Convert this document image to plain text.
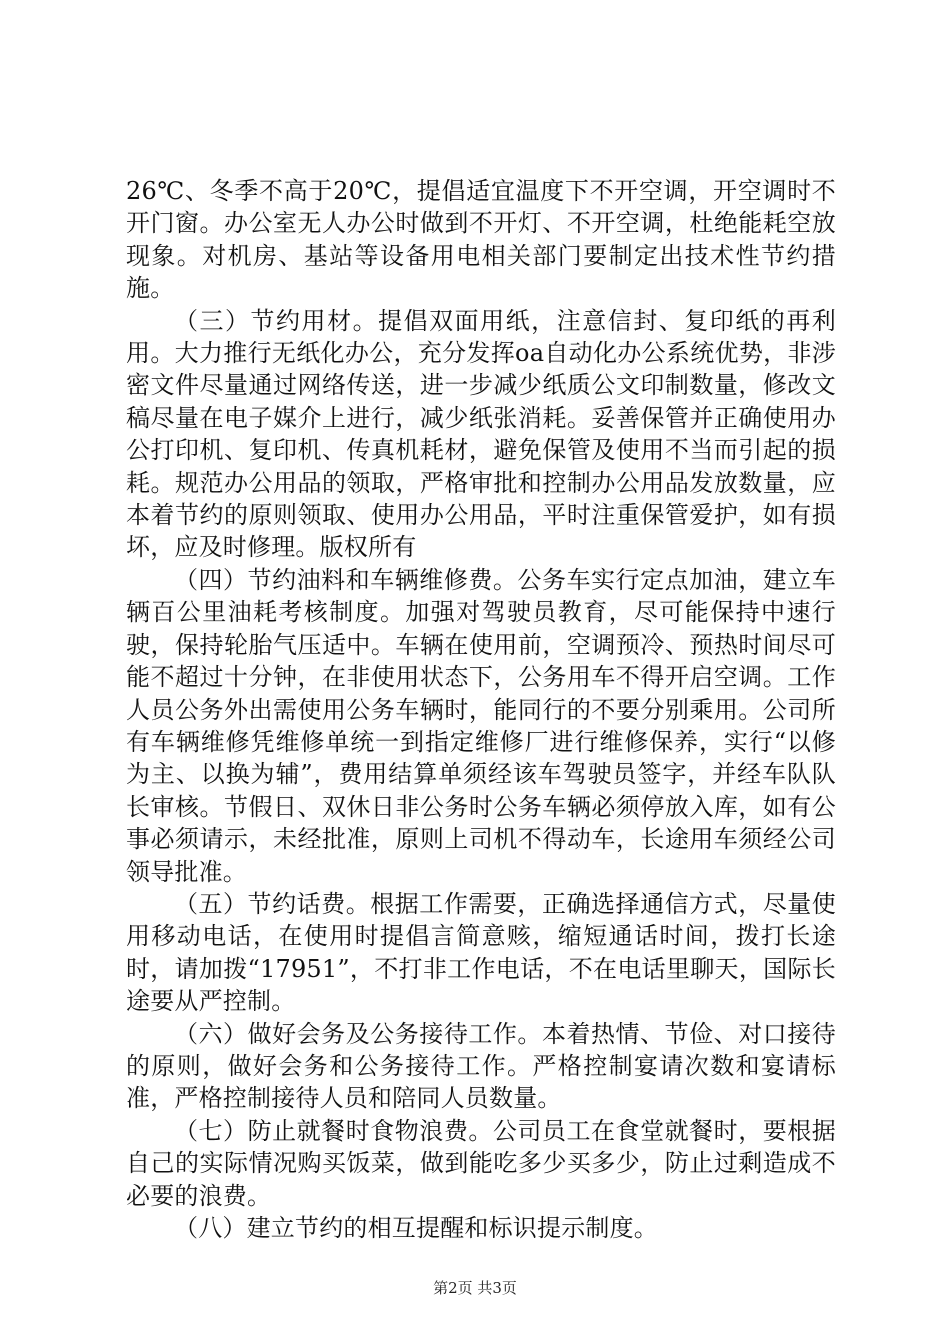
26℃、冬季不高于20℃，提倡适宜温度下不开空调，开空调时不开门窗。办公室无人办公时做到不开灯、不开空调，杜绝能耗空放现象。对机房、基站等设备用电相关部门要制定出技术性节约措施。

（三）节约用材。提倡双面用纸，注意信封、复印纸的再利用。大力推行无纸化办公，充分发挥oa自动化办公系统优势，非涉密文件尽量通过网络传送，进一步减少纸质公文印制数量，修改文稿尽量在电子媒介上进行，减少纸张消耗。妥善保管并正确使用办公打印机、复印机、传真机耗材，避免保管及使用不当而引起的损耗。规范办公用品的领取，严格审批和控制办公用品发放数量，应本着节约的原则领取、使用办公用品，平时注重保管爱护，如有损坏，应及时修理。版权所有

（四）节约油料和车辆维修费。公务车实行定点加油，建立车辆百公里油耗考核制度。加强对驾驶员教育，尽可能保持中速行驶，保持轮胎气压适中。车辆在使用前，空调预冷、预热时间尽可能不超过十分钟，在非使用状态下，公务用车不得开启空调。工作人员公务外出需使用公务车辆时，能同行的不要分别乘用。公司所有车辆维修凭维修单统一到指定维修厂进行维修保养，实行“以修为主、以换为辅”，费用结算单须经该车驾驶员签字，并经车队队长审核。节假日、双休日非公务时公务车辆必须停放入库，如有公事必须请示，未经批准，原则上司机不得动车，长途用车须经公司领导批准。

（五）节约话费。根据工作需要，正确选择通信方式，尽量使用移动电话，在使用时提倡言简意赅，缩短通话时间，拨打长途时，请加拨“17951”，不打非工作电话，不在电话里聊天，国际长途要从严控制。

（六）做好会务及公务接待工作。本着热情、节俭、对口接待的原则，做好会务和公务接待工作。严格控制宴请次数和宴请标准，严格控制接待人员和陪同人员数量。

（七）防止就餐时食物浪费。公司员工在食堂就餐时，要根据自己的实际情况购买饭菜，做到能吃多少买多少，防止过剩造成不必要的浪费。

（八）建立节约的相互提醒和标识提示制度。

第2页 共3页
